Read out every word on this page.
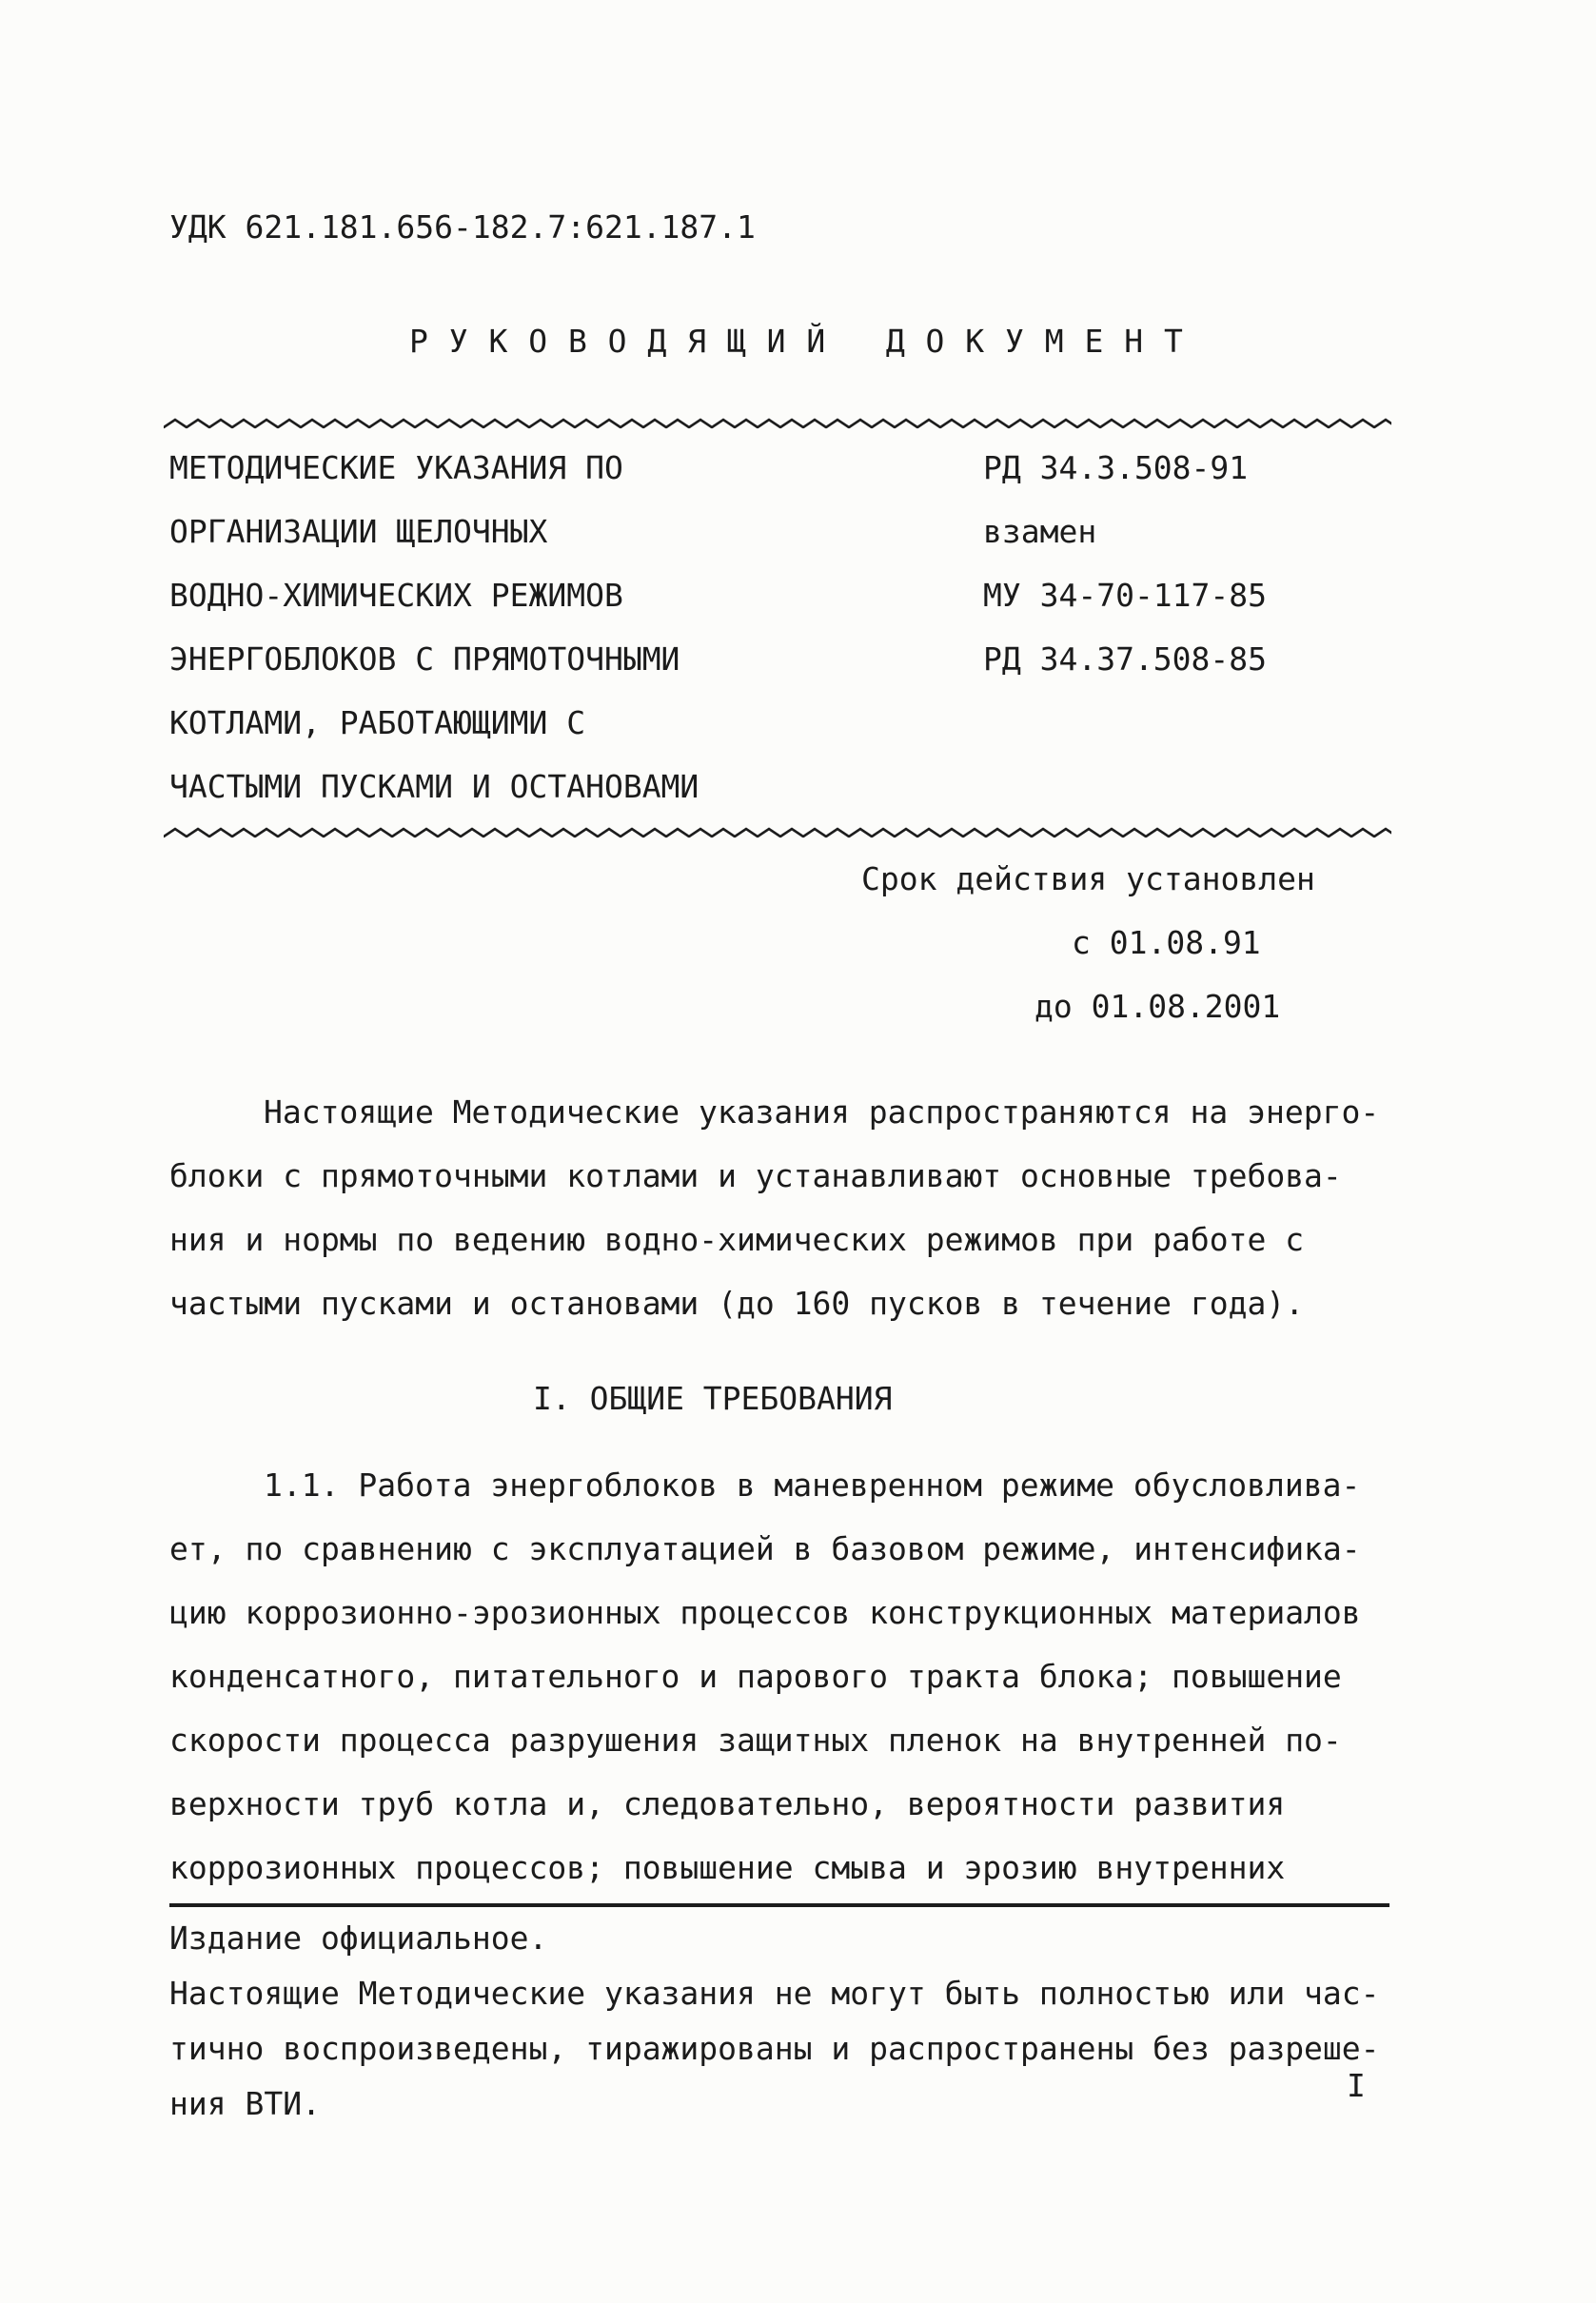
УДК 621.181.656-182.7:621.187.1
Р У К О В О Д Я Щ И Й   Д О К У М Е Н Т
МЕТОДИЧЕСКИЕ УКАЗАНИЯ ПО
ОРГАНИЗАЦИИ ЩЕЛОЧНЫХ
ВОДНО-ХИМИЧЕСКИХ РЕЖИМОВ
ЭНЕРГОБЛОКОВ С ПРЯМОТОЧНЫМИ
КОТЛАМИ, РАБОТАЮЩИМИ С
ЧАСТЫМИ ПУСКАМИ И ОСТАНОВАМИ
РД 34.3.508-91
взамен
МУ 34-70-117-85
РД 34.37.508-85
Срок действия установлен
с 01.08.91
до 01.08.2001
Настоящие Методические указания распространяются на энерго-
блоки с прямоточными котлами и устанавливают основные требова-
ния и нормы по ведению водно-химических режимов при работе с
частыми пусками и остановами (до 160 пусков в течение года).
I. ОБЩИЕ ТРЕБОВАНИЯ
1.1. Работа энергоблоков в маневренном режиме обусловлива-
ет, по сравнению с эксплуатацией в базовом режиме, интенсифика-
цию коррозионно-эрозионных процессов конструкционных материалов
конденсатного, питательного и парового тракта блока; повышение
скорости процесса разрушения защитных пленок на внутренней по-
верхности труб котла и, следовательно, вероятности развития
коррозионных процессов; повышение смыва и эрозию внутренних
Издание официальное.
Настоящие Методические указания не могут быть полностью или час-
тично воспроизведены, тиражированы и распространены без разреше-
ния ВТИ.	I
